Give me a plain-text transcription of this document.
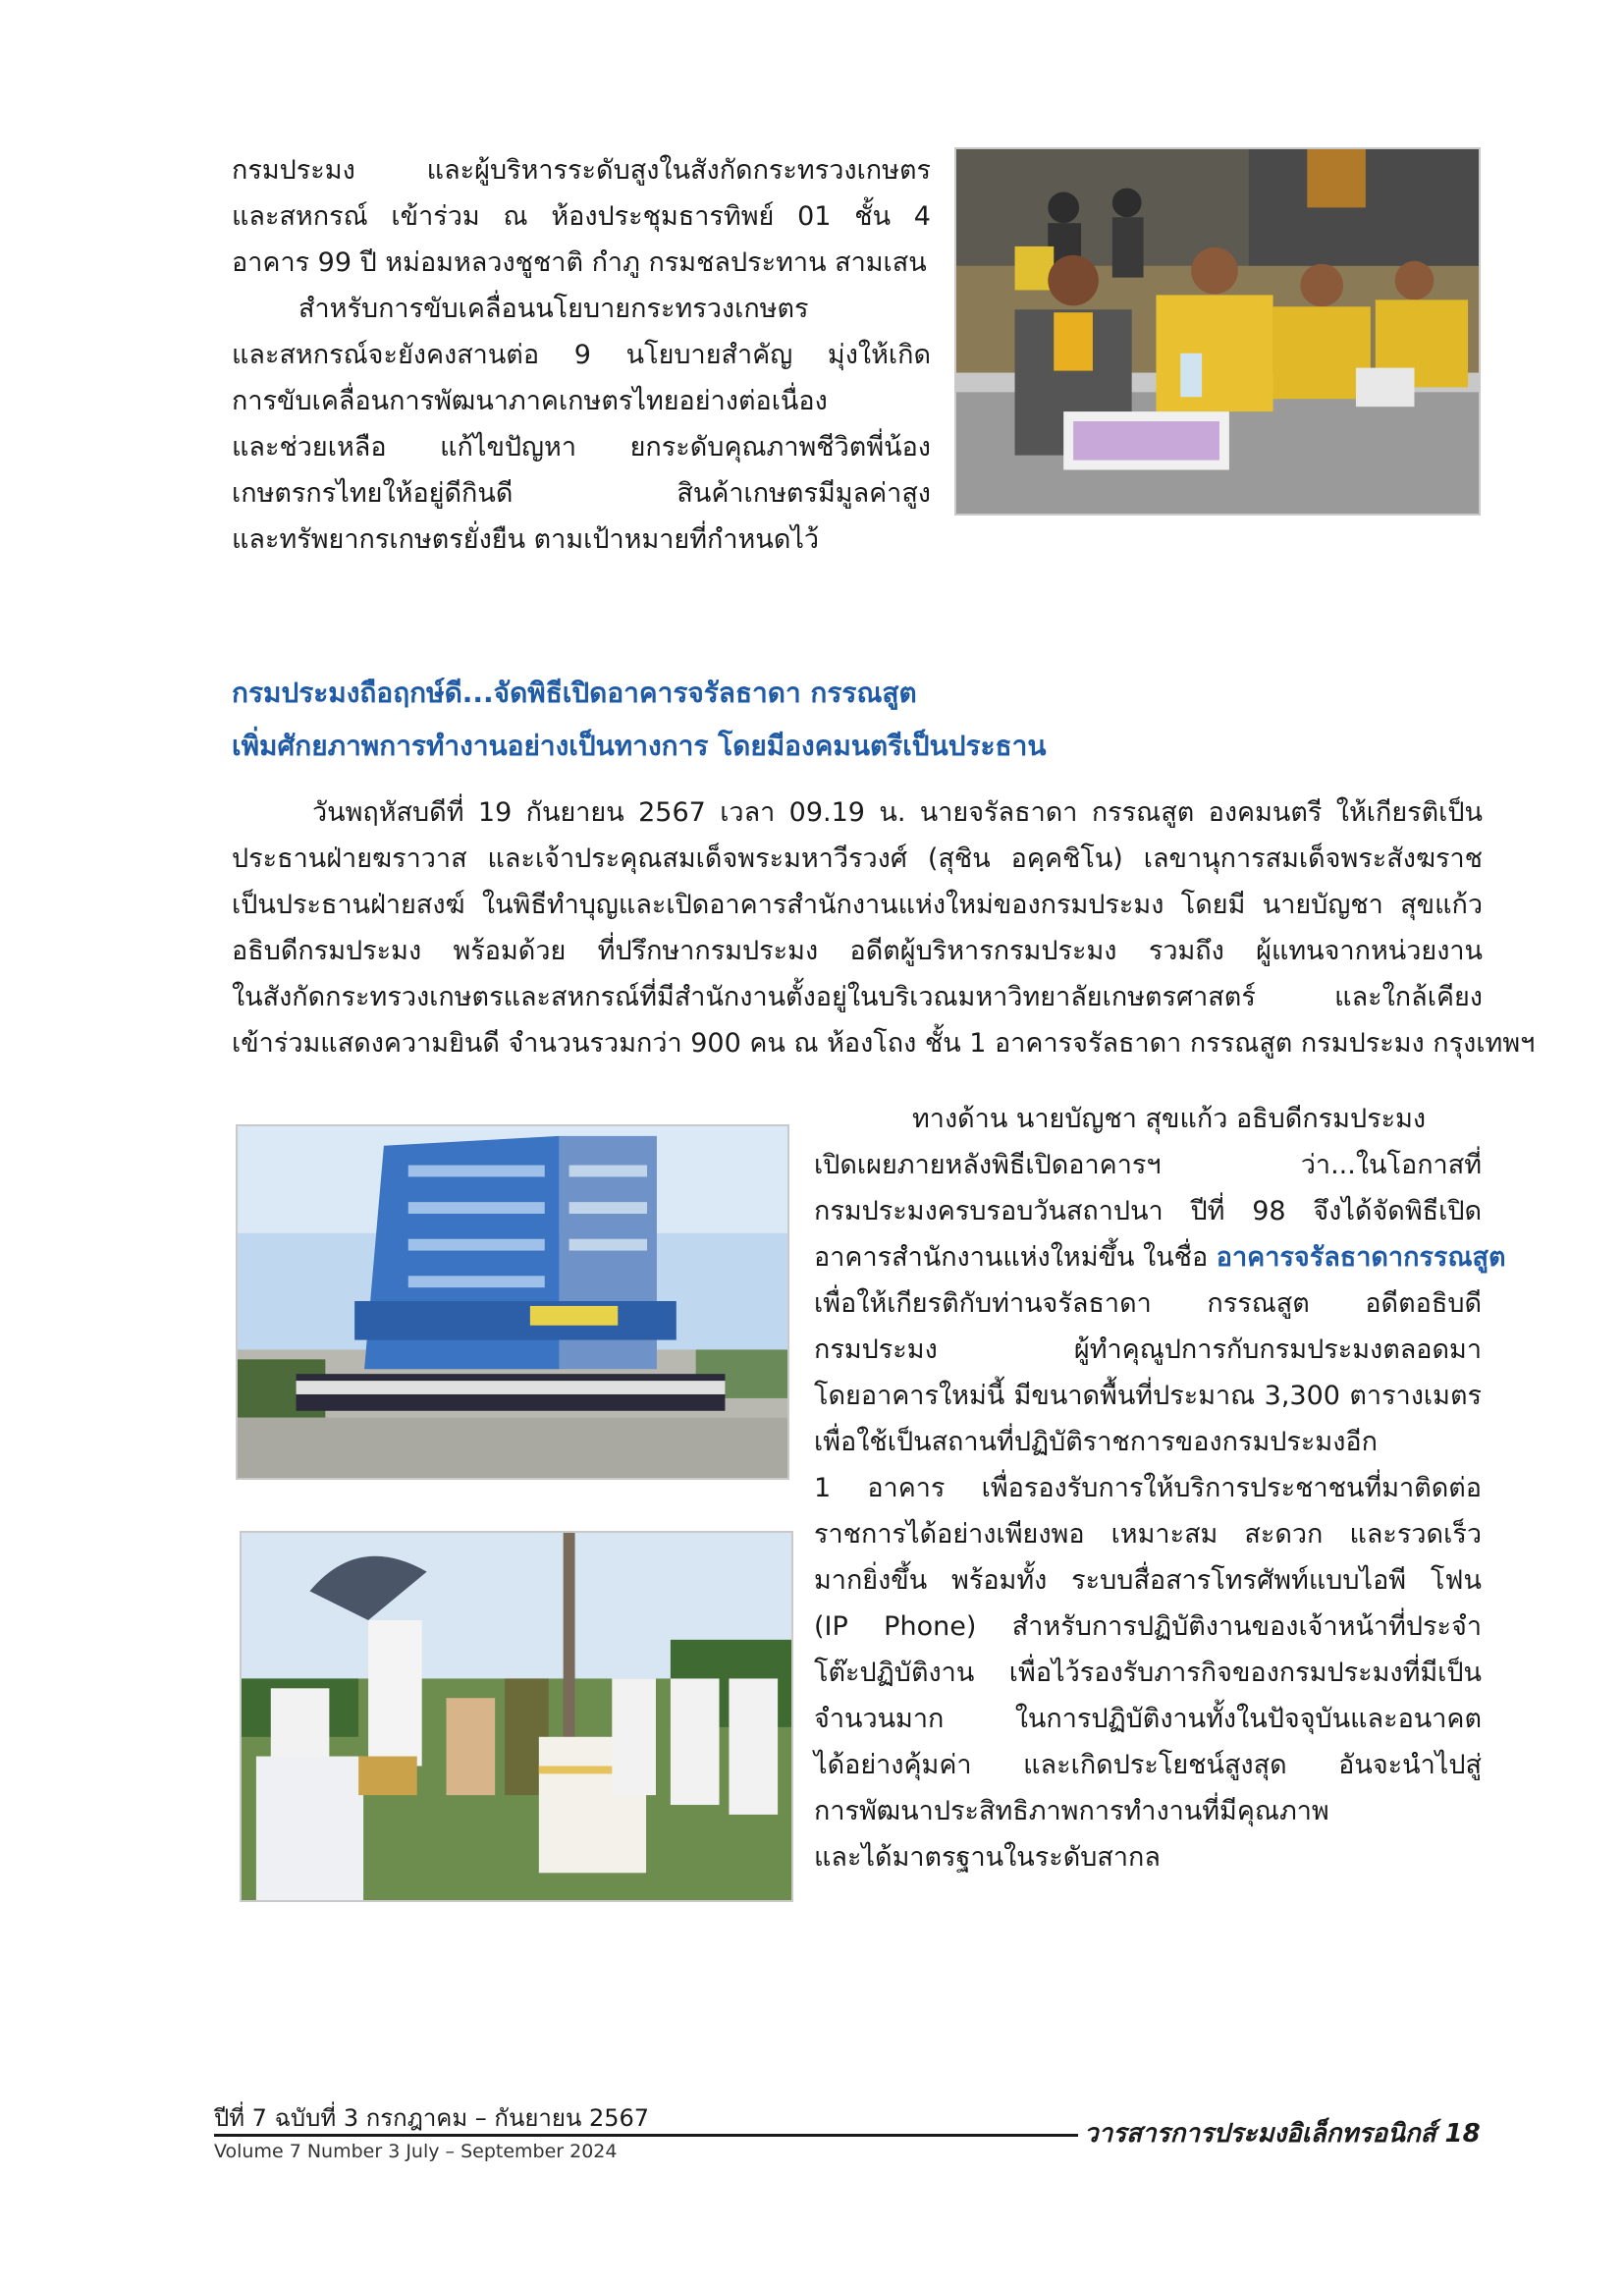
กรมประมง และผู้บริหารระดับสูงในสังกัดกระทรวงเกษตร

และสหกรณ์ เข้าร่วม ณ ห้องประชุมธารทิพย์ 01 ชั้น 4

อาคาร 99 ปี หม่อมหลวงชูชาติ กำภู กรมชลประทาน สามเสน

สำหรับการขับเคลื่อนนโยบายกระทรวงเกษตร

และสหกรณ์จะยังคงสานต่อ 9 นโยบายสำคัญ มุ่งให้เกิด

การขับเคลื่อนการพัฒนาภาคเกษตรไทยอย่างต่อเนื่อง

และช่วยเหลือ แก้ไขปัญหา ยกระดับคุณภาพชีวิตพี่น้อง

เกษตรกรไทยให้อยู่ดีกินดี สินค้าเกษตรมีมูลค่าสูง

และทรัพยากรเกษตรยั่งยืน ตามเป้าหมายที่กำหนดไว้

กรมประมงถือฤกษ์ดี...จัดพิธีเปิดอาคารจรัลธาดา กรรณสูต

เพิ่มศักยภาพการทำงานอย่างเป็นทางการ โดยมีองคมนตรีเป็นประธาน

วันพฤหัสบดีที่ 19 กันยายน 2567 เวลา 09.19 น. นายจรัลธาดา กรรณสูต องคมนตรี ให้เกียรติเป็น

ประธานฝ่ายฆราวาส และเจ้าประคุณสมเด็จพระมหาวีรวงศ์ (สุชิน อคฺคชิโน) เลขานุการสมเด็จพระสังฆราช

เป็นประธานฝ่ายสงฆ์ ในพิธีทำบุญและเปิดอาคารสำนักงานแห่งใหม่ของกรมประมง โดยมี นายบัญชา สุขแก้ว

อธิบดีกรมประมง พร้อมด้วย ที่ปรึกษากรมประมง อดีตผู้บริหารกรมประมง รวมถึง ผู้แทนจากหน่วยงาน

ในสังกัดกระทรวงเกษตรและสหกรณ์ที่มีสำนักงานตั้งอยู่ในบริเวณมหาวิทยาลัยเกษตรศาสตร์ และใกล้เคียง

เข้าร่วมแสดงความยินดี จำนวนรวมกว่า 900 คน ณ ห้องโถง ชั้น 1 อาคารจรัลธาดา กรรณสูต กรมประมง กรุงเทพฯ

ทางด้าน นายบัญชา สุขแก้ว อธิบดีกรมประมง

เปิดเผยภายหลังพิธีเปิดอาคารฯ ว่า...ในโอกาสที่

กรมประมงครบรอบวันสถาปนา ปีที่ 98 จึงได้จัดพิธีเปิด

อาคารสำนักงานแห่งใหม่ขึ้น ในชื่อ อาคารจรัลธาดากรรณสูต

เพื่อให้เกียรติกับท่านจรัลธาดา กรรณสูต อดีตอธิบดี

กรมประมง ผู้ทำคุณูปการกับกรมประมงตลอดมา

โดยอาคารใหม่นี้ มีขนาดพื้นที่ประมาณ 3,300 ตารางเมตร

เพื่อใช้เป็นสถานที่ปฏิบัติราชการของกรมประมงอีก

1 อาคาร เพื่อรองรับการให้บริการประชาชนที่มาติดต่อ

ราชการได้อย่างเพียงพอ เหมาะสม สะดวก และรวดเร็ว

มากยิ่งขึ้น พร้อมทั้ง ระบบสื่อสารโทรศัพท์แบบไอพี โฟน

(IP Phone) สำหรับการปฏิบัติงานของเจ้าหน้าที่ประจำ

โต๊ะปฏิบัติงาน เพื่อไว้รองรับภารกิจของกรมประมงที่มีเป็น

จำนวนมาก ในการปฏิบัติงานทั้งในปัจจุบันและอนาคต

ได้อย่างคุ้มค่า และเกิดประโยชน์สูงสุด อันจะนำไปสู่

การพัฒนาประสิทธิภาพการทำงานที่มีคุณภาพ

และได้มาตรฐานในระดับสากล

ปีที่ 7 ฉบับที่ 3 กรกฎาคม – กันยายน 2567
Volume 7 Number 3 July – September 2024
วารสารการประมงอิเล็กทรอนิกส์ 18
